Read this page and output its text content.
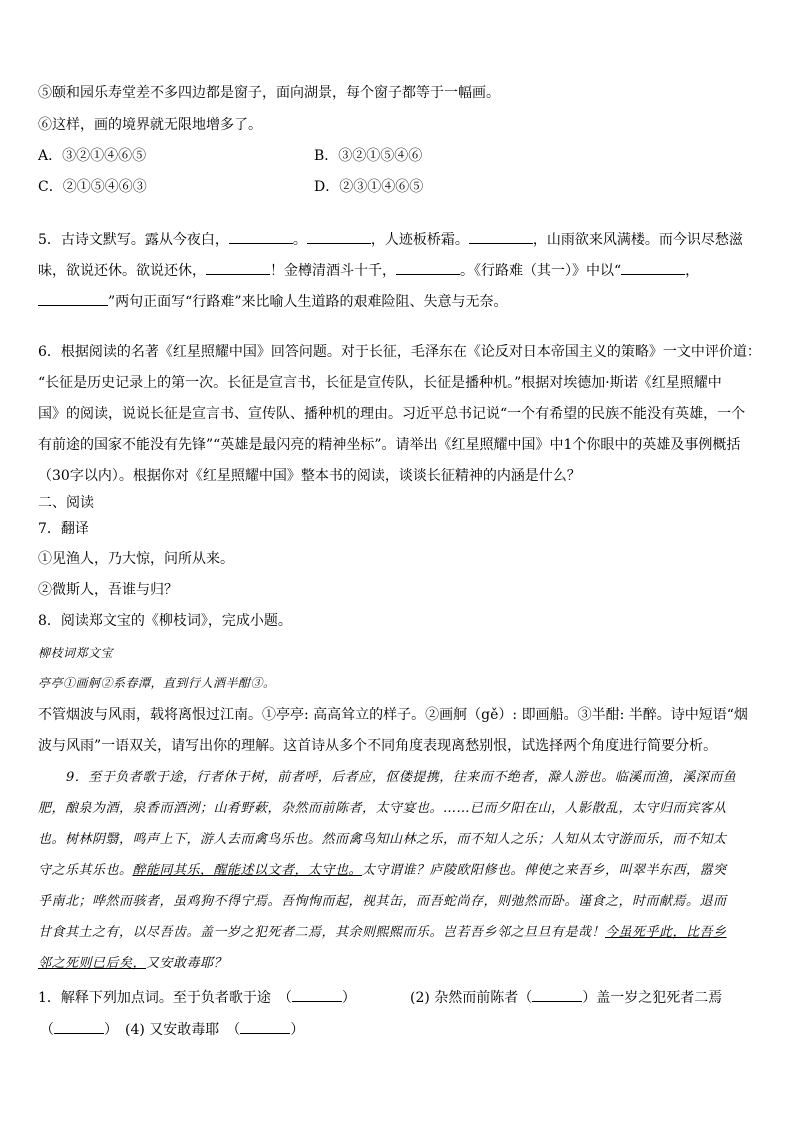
⑤颐和园乐寿堂差不多四边都是窗子，面向湖景，每个窗子都等于一幅画。
⑥这样，画的境界就无限地增多了。
A．③②①④⑥⑤	B．③②①⑤④⑥
C．②①⑤④⑥③	D．②③①④⑥⑤
5．古诗文默写。露从今夜白，	。	，人迹板桥霜。	，山雨欲来风满楼。而今识尽愁滋
味，欲说还休。欲说还休，	！金樽清酒斗十千，	。《行路难（其一）》中以“	，
”两句正面写“行路难”来比喻人生道路的艰难险阻、失意与无奈。
6．根据阅读的名著《红星照耀中国》回答问题。对于长征，毛泽东在《论反对日本帝国主义的策略》一文中评价道：
“长征是历史记录上的第一次。长征是宣言书，长征是宣传队，长征是播种机。”根据对埃德加·斯诺《红星照耀中
国》的阅读，说说长征是宣言书、宣传队、播种机的理由。习近平总书记说“一个有希望的民族不能没有英雄，一个
有前途的国家不能没有先锋”“英雄是最闪亮的精神坐标”。请举出《红星照耀中国》中1个你眼中的英雄及事例概括
（30字以内）。根据你对《红星照耀中国》整本书的阅读，谈谈长征精神的内涵是什么？
二、阅读
7．翻译
①见渔人，乃大惊，问所从来。
②微斯人，吾谁与归？
8．阅读郑文宝的《柳枝词》，完成小题。
柳枝词郑文宝
亭亭①画舸②系春潭，直到行人酒半酣③。
不管烟波与风雨，载将离恨过江南。①亭亭: 高高耸立的样子。②画舸（gě）: 即画船。③半酣: 半醉。诗中短语“烟
波与风雨”一语双关，请写出你的理解。这首诗从多个不同角度表现离愁别恨，试选择两个角度进行简要分析。
9．至于负者歌于途，行者休于树，前者呼，后者应，伛偻提携，往来而不绝者，滁人游也。临溪而渔，溪深而鱼
肥，酿泉为酒，泉香而酒洌；山肴野蔌，杂然而前陈者，太守宴也。……已而夕阳在山，人影散乱，太守归而宾客从
也。树林阴翳，鸣声上下，游人去而禽鸟乐也。然而禽鸟知山林之乐，而不知人之乐；人知从太守游而乐，而不知太
守之乐其乐也。醉能同其乐，醒能述以文者，太守也。太守谓谁？庐陵欧阳修也。俾使之来吾乡，叫翠半东西，嚣突
乎南北；哗然而骇者，虽鸡狗不得宁焉。吾恂恂而起，视其缶，而吾蛇尚存，则弛然而卧。谨食之，时而献焉。退而
甘食其土之有，以尽吾齿。盖一岁之犯死者二焉，其余则熙熙而乐。岂若吾乡邻之旦旦有是哉！今虽死乎此，比吾乡
邻之死则已后矣，又安敢毒耶？
1．解释下列加点词。至于负者歌于途　（	）	(2) 杂然而前陈者（	）盖一岁之犯死者二焉
（	）　(4) 又安敢毒耶　（	）
